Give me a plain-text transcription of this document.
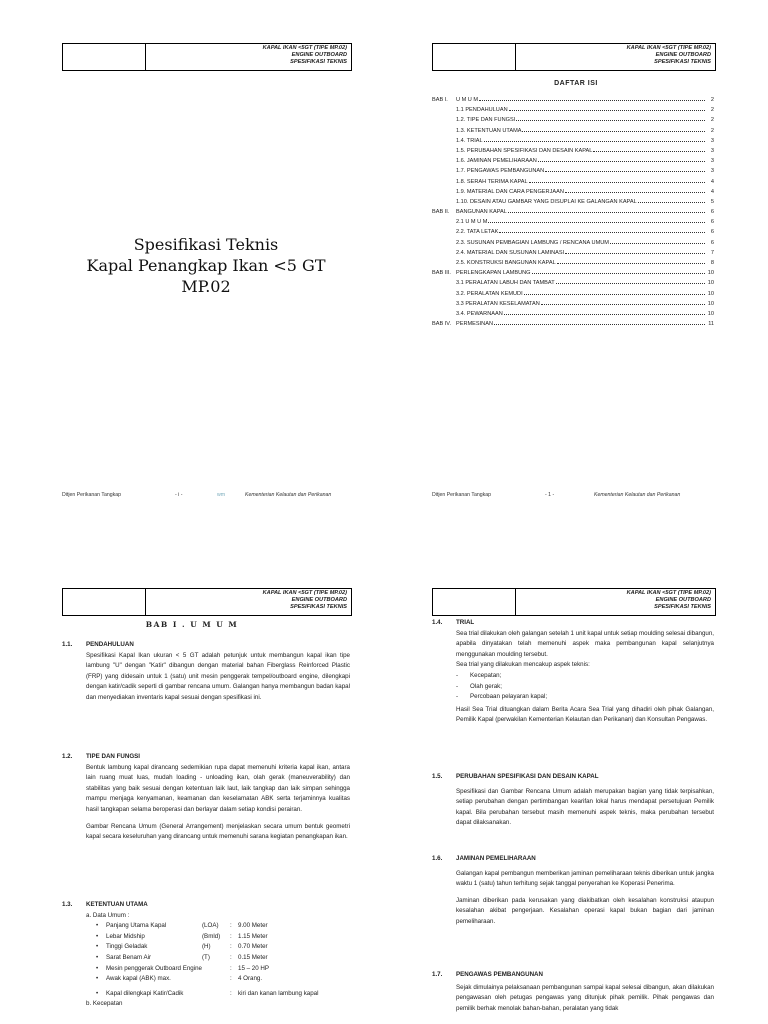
KAPAL IKAN <5GT (TIPE MP.02)
ENGINE OUTBOARD
SPESIFIKASI TEKNIS
Spesifikasi Teknis
Kapal Penangkap Ikan <5 GT
MP.02
Ditjen Perikanan Tangkap	- i -	wm	Kementerian Kelautan dan Perikanan
KAPAL IKAN <5GT (TIPE MP.02)
ENGINE OUTBOARD
SPESIFIKASI TEKNIS
DAFTAR ISI
BAB I.	U M U M	2
1.1 PENDAHULUAN	2
1.2. TIPE DAN FUNGSI	2
1.3. KETENTUAN UTAMA	2
1.4. TRIAL	3
1.5. PERUBAHAN SPESIFIKASI DAN DESAIN KAPAL	3
1.6. JAMINAN PEMELIHARAAN	3
1.7. PENGAWAS PEMBANGUNAN	3
1.8. SERAH TERIMA KAPAL	4
1.9. MATERIAL DAN CARA PENGERJAAN	4
1.10. DESAIN ATAU GAMBAR YANG DISUPLAI KE GALANGAN KAPAL	5
BAB II.	BANGUNAN KAPAL	6
2.1 U M U M	6
2.2. TATA LETAK	6
2.3. SUSUNAN PEMBAGIAN LAMBUNG / RENCANA UMUM	6
2.4. MATERIAL DAN SUSUNAN LAMINASI	7
2.5. KONSTRUKSI BANGUNAN KAPAL	8
BAB III. PERLENGKAPAN LAMBUNG	10
3.1 PERALATAN LABUH DAN TAMBAT	10
3.2. PERALATAN KEMUDI	10
3.3 PERALATAN KESELAMATAN	10
3.4. PEWARNAAN	10
BAB IV. PERMESINAN	11
Ditjen Perikanan Tangkap	- 1 -	Kementerian Kelautan dan Perikanan
KAPAL IKAN <5GT (TIPE MP.02)
ENGINE OUTBOARD
SPESIFIKASI TEKNIS
BAB I . U M U M
1.1.	PENDAHULUAN

Spesifikasi Kapal Ikan ukuran < 5 GT adalah petunjuk untuk membangun kapal ikan tipe lambung "U" dengan "Katir" dibangun dengan material bahan Fiberglass Reinforced Plastic (FRP) yang didesain untuk 1 (satu) unit mesin penggerak tempel/outboard engine, dilengkapi dengan katir/cadik seperti di gambar rencana umum. Galangan hanya membangun badan kapal dan menyediakan inventaris kapal sesuai dengan spesifikasi ini.

1.2.	TIPE DAN FUNGSI

Bentuk lambung kapal dirancang sedemikian rupa dapat memenuhi kriteria kapal ikan, antara lain ruang muat luas, mudah loading - unloading ikan, olah gerak (maneuverability) dan stabilitas yang baik sesuai dengan ketentuan laik laut, laik tangkap dan laik simpan sehingga mampu menjaga kenyamanan, keamanan dan keselamatan ABK serta terjaminnya kualitas hasil tangkapan selama beroperasi dan berlayar dalam setiap kondisi perairan.

Gambar Rencana Umum (General Arrangement) menjelaskan secara umum bentuk geometri kapal secara keseluruhan yang dirancang untuk memenuhi sarana kegiatan penangkapan ikan.

1.3.	KETENTUAN UTAMA
a. Data Umum :
•	Panjang Utama Kapal	(LOA)	:	9.00 Meter
•	Lebar Midship	(Bmld)	:	1.15 Meter
•	Tinggi Geladak	(H)	:	0.70 Meter
•	Sarat Benam Air	(T)	:	0.15 Meter
•	Mesin penggerak Outboard Engine	:	15 – 20 HP
•	Awak kapal (ABK) max.	:	4 Orang.
•	Kapal dilengkapi Katir/Cadik	:	kiri dan kanan lambung kapal
b. Kecepatan
KAPAL IKAN <5GT (TIPE MP.02)
ENGINE OUTBOARD
SPESIFIKASI TEKNIS
1.4.	TRIAL

Sea trial dilakukan oleh galangan setelah 1 unit kapal untuk setiap moulding selesai dibangun, apabila dinyatakan telah memenuhi aspek maka pembangunan kapal selanjutnya menggunakan moulding tersebut.

Sea trial yang dilakukan mencakup aspek teknis:

-	Kecepatan;
-	Olah gerak;
-	Percobaan pelayaran kapal;

Hasil Sea Trial dituangkan dalam Berita Acara Sea Trial yang dihadiri oleh pihak Galangan, Pemilik Kapal (perwakilan Kementerian Kelautan dan Perikanan) dan Konsultan Pengawas.

1.5.	PERUBAHAN SPESIFIKASI DAN DESAIN KAPAL

Spesifikasi dan Gambar Rencana Umum adalah merupakan bagian yang tidak terpisahkan, setiap perubahan dengan pertimbangan kearifan lokal harus mendapat persetujuan Pemilik kapal. Bila perubahan tersebut masih memenuhi aspek teknis, maka perubahan tersebut dapat dilaksanakan.

1.6.	JAMINAN PEMELIHARAAN

Galangan kapal pembangun memberikan jaminan pemeliharaan teknis diberikan untuk jangka waktu 1 (satu) tahun terhitung sejak tanggal penyerahan ke Koperasi Penerima.

Jaminan diberikan pada kerusakan yang diakibatkan oleh kesalahan konstruksi ataupun kesalahan akibat pengerjaan. Kesalahan operasi kapal bukan bagian dari jaminan pemeliharaan.

1.7.	PENGAWAS PEMBANGUNAN

Sejak dimulainya pelaksanaan pembangunan sampai kapal selesai dibangun, akan dilakukan pengawasan oleh petugas pengawas yang ditunjuk pihak pemilik. Pihak pengawas dan pemilik berhak menolak bahan-bahan, peralatan yang tidak
